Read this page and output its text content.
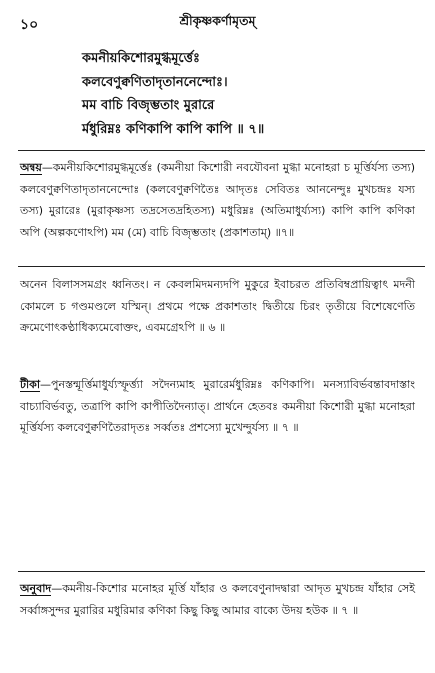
১০	শ্রীকৃষ্ণকর্ণামৃতম্
কমনীয়কিশোরমুগ্ধমূর্ত্তেঃ
কলবেণুক্বণিতাদৃতাননেন্দোঃ।
মম বাচি বিজৃম্ভতাং মুরারে
র্মধুরিম্নঃ কণিকাপি কাপি কাপি ॥ ৭॥

অন্বয়—কমনীয়কিশোরমুগ্ধমূর্ত্তেঃ (কমনীয়া কিশোরী নবযৌবনা মুগ্ধা মনোহরা চ মূর্ত্তির্যস্য তস্য) কলবেণুক্বণিতাদৃতাননেন্দোঃ (কলবেণুক্বণিতৈঃ আদৃতঃ সেবিতঃ আননেন্দুঃ মুখচন্দ্রঃ যস্য তস্য) মুরারেঃ (মুরাকৃষ্ণস্য তদ্রসেতদ্রহিতস্য) মধুরিম্নঃ (অতিমাধুর্য্যস্য) কাপি কাপি কণিকা অপি (অল্পকণোঽপি) মম (মে) বাচি বিজৃম্ভতাং (প্রকাশতাম্) ॥৭॥

অনেন বিলাসসমগ্রং ধ্বনিতং। ন কেবলমিদমন্যদপি মুকুরে ইবাচরত প্রতিবিম্বপ্রায়িত্বাৎ মদনী কোমলে চ গণ্ডমণ্ডলে যস্মিন্। প্রথমে পক্ষে প্রকাশতাং দ্বিতীয়ে চিরং তৃতীয়ে বিশেষেণেতি ক্রমেণোৎকণ্ঠাধিক্যমেবোক্তং, এবমগ্রেঽপি ॥ ৬ ॥

টীকা—পুনস্তন্মূর্ত্তিমাধুর্য্যস্ফূর্ত্ত্যা সদৈন্যমাহ মুরারের্মধুরিম্নঃ কণিকাপি। মনস্যাবির্ভবন্তাবদাস্তাং বাচ্যাবির্ভবতু, তত্রাপি কাপি কাপীতিদৈন্যাত্। প্রার্থনে হেতবঃ কমনীয়া কিশোরী মুগ্ধা মনোহরা মূর্ত্তির্যস্য কলবেণুক্বণিতৈরাদৃতঃ সর্ব্বতঃ প্রশস্যো মুখেন্দুর্যস্য ॥ ৭ ॥

অনুবাদ—কমনীয়-কিশোর মনোহর মূর্ত্তি যাঁহার ও কলবেণুনাদদ্বারা আদৃত মুখচন্দ্র যাঁহার সেই সর্ব্বাঙ্গসুন্দর মুরারির মধুরিমার কণিকা কিছু কিছু আমার বাক্যে উদয় হউক ॥ ৭ ॥
